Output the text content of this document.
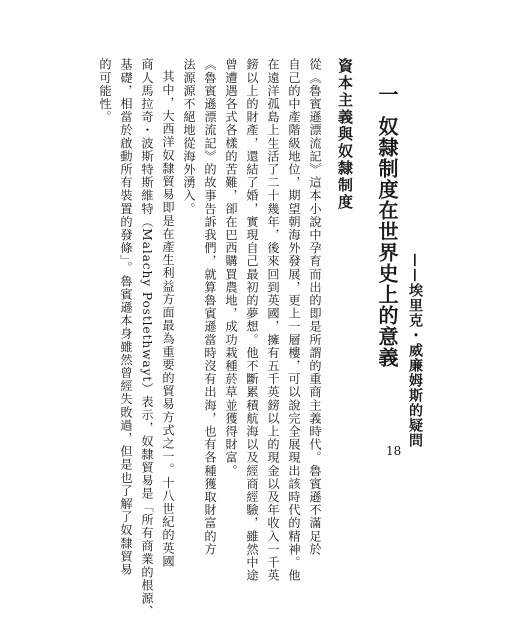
一
奴隸制度在世界史上的意義 ——埃里克・威廉姆斯的疑問
資本主義與奴隸制度
從《魯賓遜漂流記》這本小說中孕育而出的即是所謂的重商主義時代。魯賓遜不滿足於
自己的中產階級地位，期望朝海外發展，更上一層樓，可以說完全展現出該時代的精神。他
在遠洋孤島上生活了二十幾年，後來回到英國，擁有五千英鎊以上的現金以及年收入一千英
鎊以上的財產，還結了婚，實現自己最初的夢想。他不斷累積航海以及經商經驗，雖然中途
曾遭遇各式各樣的苦難，卻在巴西購買農地，成功栽種菸草並獲得財富。
《魯賓遜漂流記》的故事告訴我們，就算魯賓遜當時沒有出海，也有各種獲取財富的方
法源源不絕地從海外湧入。
其中，大西洋奴隸貿易即是在產生利益方面最為重要的貿易方式之一。十八世紀的英國
商人馬拉奇・波斯特斯維特（Malachy Postlethwayt）表示，奴隸貿易是「所有商業的根源、
基礎，相當於啟動所有裝置的發條」。魯賓遜本身雖然曾經失敗過，但是也了解了奴隸貿易
的可能性。
18
